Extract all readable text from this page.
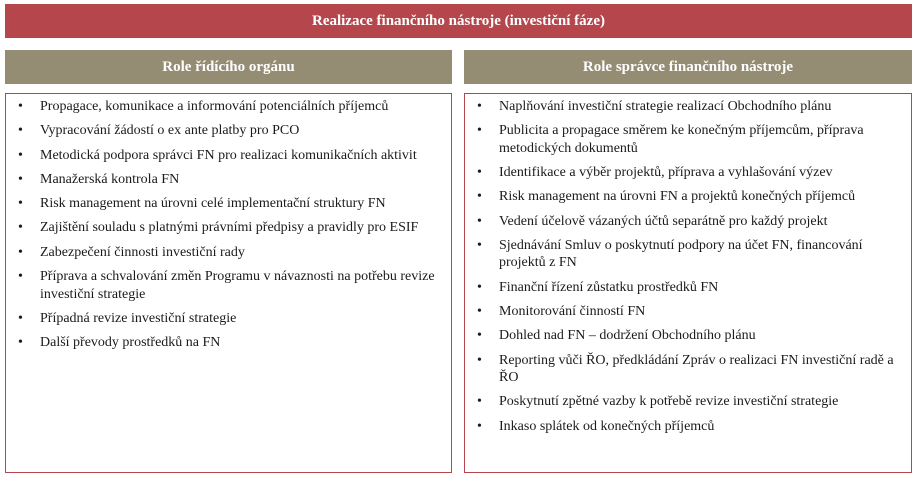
Realizace finančního nástroje (investiční fáze)
Role řídícího orgánu	Role správce finančního nástroje
• Propagace, komunikace a informování potenciálních příjemců
• Vypracování žádostí o ex ante platby pro PCO
• Metodická podpora správci FN pro realizaci komunikačních aktivit
• Manažerská kontrola FN
• Risk management na úrovni celé implementační struktury FN
• Zajištění souladu s platnými právními předpisy a pravidly pro ESIF
• Zabezpečení činnosti investiční rady
• Příprava a schvalování změn Programu v návaznosti na potřebu revize investiční strategie
• Případná revize investiční strategie
• Další převody prostředků na FN
• Naplňování investiční strategie realizací Obchodního plánu
• Publicita a propagace směrem ke konečným příjemcům, příprava metodických dokumentů
• Identifikace a výběr projektů, příprava a vyhlašování výzev
• Risk management na úrovni FN a projektů konečných příjemců
• Vedení účelově vázaných účtů separátně pro každý projekt
• Sjednávání Smluv o poskytnutí podpory na účet FN, financování projektů z FN
• Finanční řízení zůstatku prostředků FN
• Monitorování činností FN
• Dohled nad FN – dodržení Obchodního plánu
• Reporting vůči ŘO, předkládání Zpráv o realizaci FN investiční radě a ŘO
• Poskytnutí zpětné vazby k potřebě revize investiční strategie
• Inkaso splátek od konečných příjemců
